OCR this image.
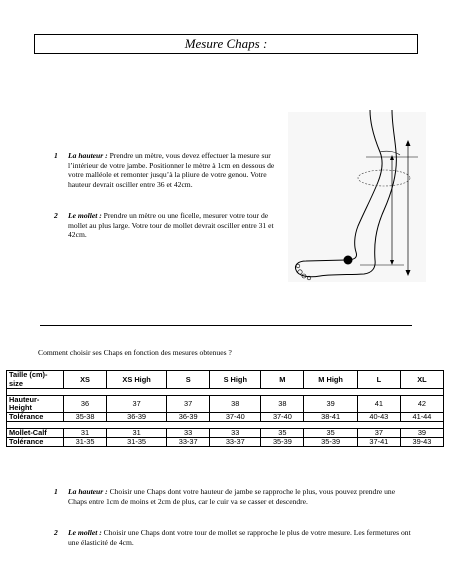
Mesure Chaps :
1 La hauteur : Prendre un mètre, vous devez effectuer la mesure sur l’intérieur de votre jambe. Positionner le mètre à 1cm en dessous de votre malléole et remonter jusqu’à la pliure de votre genou. Votre hauteur devrait osciller entre 36 et 42cm.
2 Le mollet : Prendre un mètre ou une ficelle, mesurer votre tour de mollet au plus large. Votre tour de mollet devrait osciller entre 31 et 42cm.
Comment choisir ses Chaps en fonction des mesures obtenues ?
Taille (cm)-size	XS	XS High	S	S High	M	M High	L	XL

Hauteur-Height	36	37	37	38	38	39	41	42
Tolérance	35-38	36-39	36-39	37-40	37-40	38-41	40-43	41-44

Mollet-Calf	31	31	33	33	35	35	37	39
Tolérance	31-35	31-35	33-37	33-37	35-39	35-39	37-41	39-43
1 La hauteur : Choisir une Chaps dont votre hauteur de jambe se rapproche le plus, vous pouvez prendre une Chaps entre 1cm de moins et 2cm de plus, car le cuir va se casser et descendre.
2 Le mollet : Choisir une Chaps dont votre tour de mollet se rapproche le plus de votre mesure. Les fermetures ont une élasticité de 4cm.
